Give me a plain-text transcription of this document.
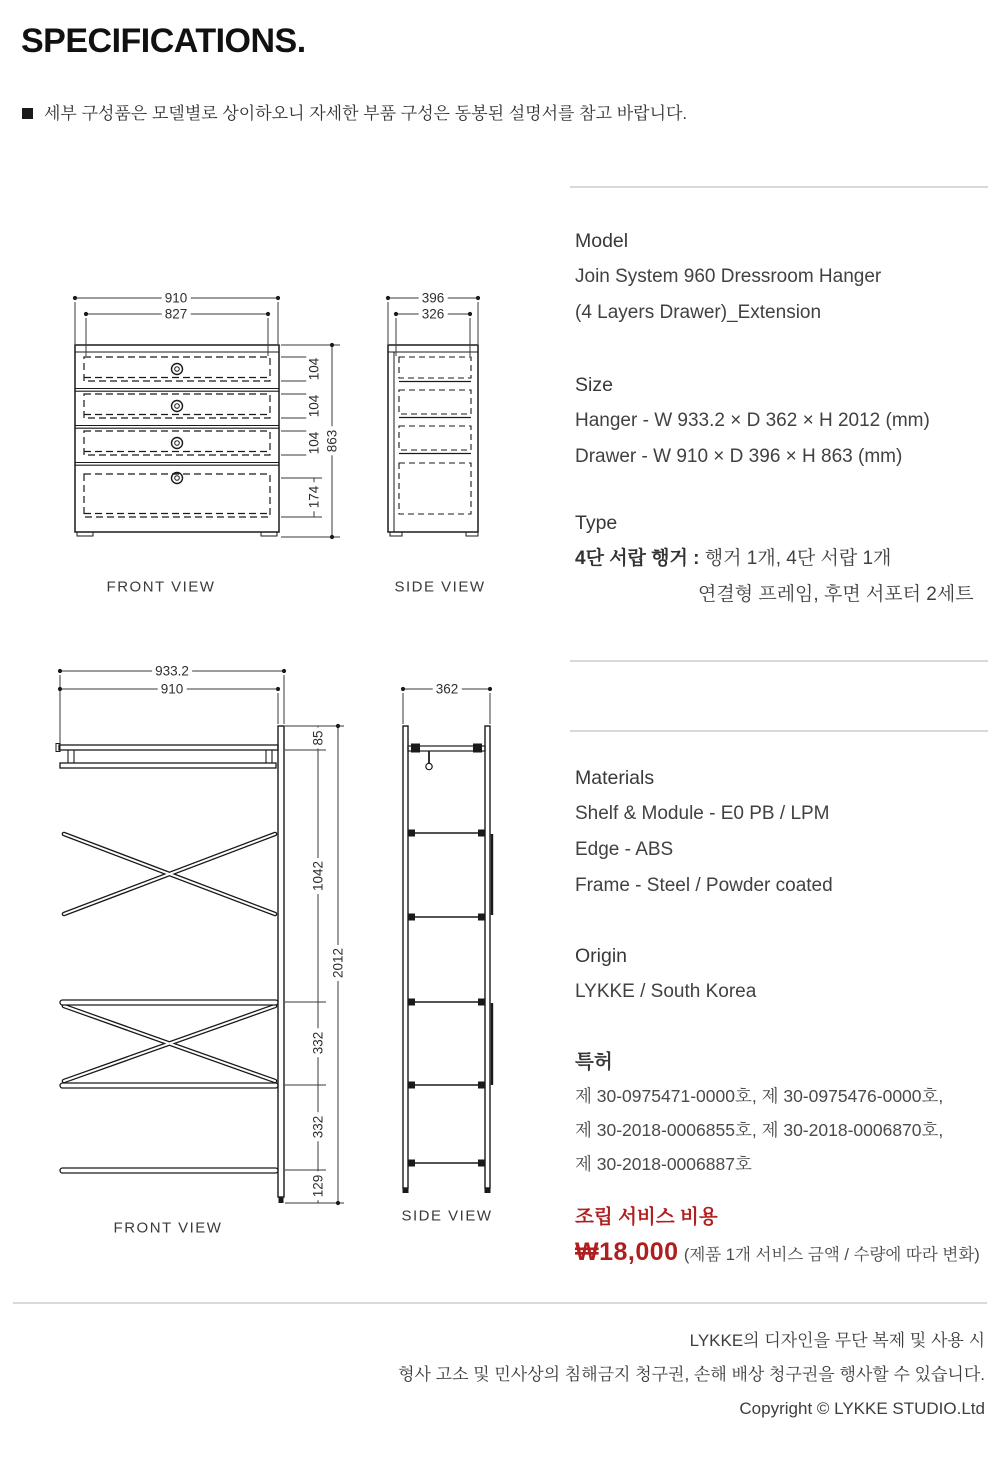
SPECIFICATIONS.
세부 구성품은 모델별로 상이하오니 자세한 부품 구성은 동봉된 설명서를 참고 바랍니다.
910
827
104
104
104
174
863
FRONT VIEW
396
326
SIDE VIEW
933.2
910
85
1042
332
332
129
2012
FRONT VIEW
362
SIDE VIEW
Model

Join System 960 Dressroom Hanger

(4 Layers Drawer)_Extension

Size

Hanger - W 933.2 × D 362 × H 2012 (mm)

Drawer - W 910 × D 396 × H 863 (mm)

Type

4단 서랍 행거 : 행거 1개, 4단 서랍 1개

연결형 프레임, 후면 서포터 2세트

Materials

Shelf & Module - E0 PB / LPM

Edge - ABS

Frame - Steel / Powder coated

Origin

LYKKE / South Korea

특허

제 30-0975471-0000호, 제 30-0975476-0000호,

제 30-2018-0006855호, 제 30-2018-0006870호,

제 30-2018-0006887호

조립 서비스 비용

₩18,000 (제품 1개 서비스 금액 / 수량에 따라 변화)

LYKKE의 디자인을 무단 복제 및 사용 시
형사 고소 및 민사상의 침해금지 청구권, 손해 배상 청구권을 행사할 수 있습니다.
Copyright © LYKKE STUDIO.Ltd
